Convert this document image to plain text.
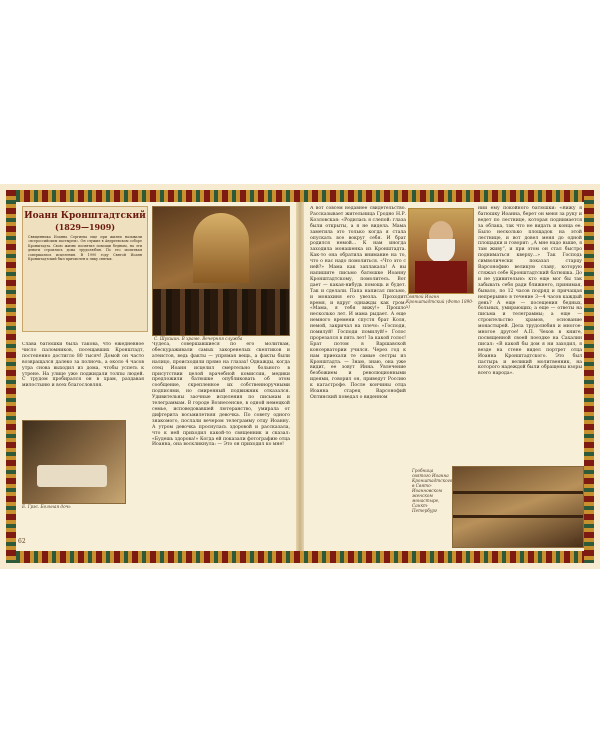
Иоанн Кронштадтский
(1829—1909)
Священника Иоанна Сергиева еще при жизни называли «всероссийским пастырем». Он служил в Андреевском соборе Кронштадта. Свою жизнь посвятил помощи бедным, на эти деньги строились дома трудолюбия. По его молитвам совершались исцеления. В 1990 году Святой Иоанн Кронштадтский был причислен к лику святых.
С. Шукшин. В храме. Вечерняя служба
Слава батюшки была такова, что ежедневное число паломников, посещавших Кронштадт, постепенно достигло 80 тысяч! Домой он часто возвращался далеко за полночь, а около 4 часов утра снова выходил из дома, чтобы успеть к утрене. На улице уже поджидали толпы людей. С трудом пробирался он в храм, раздавая милостыню и всех благословляя.
Е. Грэс. Больная дочь
Чудеса, совершавшиеся по его молитвам, обескураживали самых закоренелых скептиков и атеистов, ведь факты — упрямая вещь, а факты были налицо, происходили прямо на глазах! Однажды, когда отец Иоанн исцелил смертельно больного в присутствии целой врачебной комиссии, медики предложили батюшке опубликовать об этом сообщение, скрепленное их собственноручными подписями, но смиренный подвижник отказался. Удивительны заочные исцеления по письмам и телеграммам. В городе Вознесенске, в одной немецкой семье, исповедовавшей лютеранство, умирала от дифтерита восьмилетняя девочка. По совету одного знакомого, послали вечером телеграмму отцу Иоанну. А утром девочка проснулась здоровой и рассказала, что к ней приходил какой-то священник и сказал: «Будешь здорова!» Когда ей показали фотографию отца Иоанна, она воскликнула: — Это он приходил ко мне!
62
А вот совсем недавнее свидетельство. Рассказывает жительница Гродно Н.Р. Козловская: «Родилась я слепой: глаза были открыты, а я не видела. Мама заметила это только когда я стала опускать все вокруг себя. И брат родился немой... К нам иногда заходила монашенка из Кронштадта. Как-то она обратила внимание на то, что о нас надо помолиться. «Что это с ней?» Мама как заплакала! А вы напишите письмо батюшке Иоанну Кронштадтскому, помолитесь. Вот дает — какая-нибудь помощь и будет. Так и сделали. Папа написал письмо, и монахиня его увезла. Проходит время, и вдруг однажды как гром: «Мама, я тебя вижу!» Прошло несколько лет. И мама рыдает. А еще немного времени спустя брат Коля, немой, закричал на плечо: «Господи, помилуй! Господи помилуй!» Голос прорезался в пять лет! За какой голос! Брат потом в Варшавской консерватории учился. Через год к нам приехали те самые сестры из Кронштадта. — Знаю, знаю, она уже видит, ее зовут Инна. Увлечение безбожием и революционными идеями, говорил он, приведут Россию к катастрофе. После кончины отца Иоанна старец Варсонофий Оптинский поведал о виденном
Святой Иоанн Кронштадтский (Фото 1890-х)
нии ему покойного батюшки: «Вижу я батюшку Иоанна, берет он меня за руку и ведет по лестнице, которая поднимается за облака, так что не видать и конца ее. Было несколько площадок на этой лестнице, и вот довел меня до одной площадки и говорит: „А мне надо выше, я там живу“, и при этом он стал быстро подниматься кверху...» Так Господь символически показал старцу Варсонофию великую славу, которую стяжал себе Кронштадтский батюшка. До и не удивительно: кто еще мог бы так забывать себя ради ближнего, принимая, бывало, по 12 часов подряд и причащая непрерывно в течение 3—4 часов каждый день? А еще — посещения бедных, больных, умирающих; а еще — ответы на письма и телеграммы; а еще — строительство храмов, основание монастырей. Дела трудолюбия и многое-многое другое! А.П. Чехов в книге, посвященной своей поездке на Сахалин писал: «В какой бы дом я ни заходил, я везде на стене видел портрет отца Иоанна Кронштадтского. Это был пастырь и великий молитвенник, на которого надеждой были обращены взоры всего народа».
Гробница святого Иоанна Кронштадтского в Свято-Иоанновском женском монастыре, Санкт-Петербург
63
